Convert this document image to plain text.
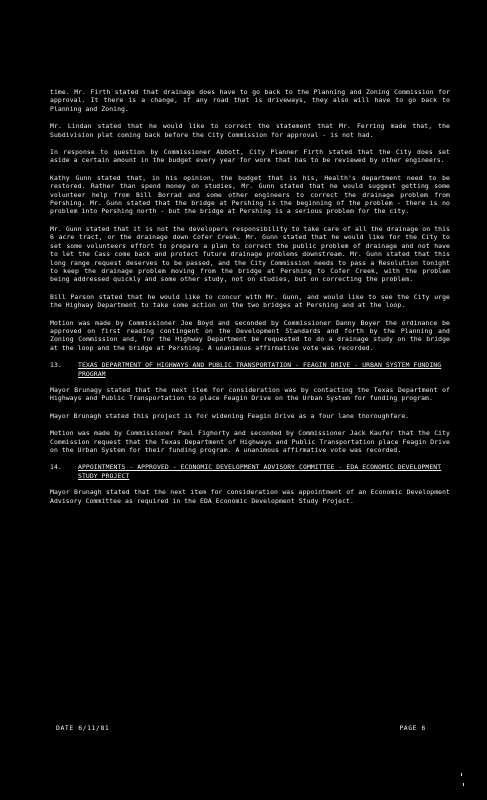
time. Mr. Firth stated that drainage does have to go back to the Planning and Zoning Commission for approval. It there is a change, if any road that is driveways, they also will have to go back to Planning and Zoning.

Mr. Lindan stated that he would like to correct the statement that Mr. Ferring made that, the Subdivision plat coming back before the City Commission for approval - is not had.

In response to question by Commissioner Abbott, City Planner Firth stated that the City does set aside a certain amount in the budget every year for work that has to be reviewed by other engineers.

Kathy Gunn stated that, in his opinion, the budget that is his, Health's department need to be restored. Rather than spend money on studies, Mr. Gunn stated that he would suggest getting some volunteer help from Bill Borrad and some other engineers to correct the drainage problem from Pershing. Mr. Gunn stated that the bridge at Pershing is the beginning of the problem - there is no problem into Pershing north - but the bridge at Pershing is a serious problem for the city.

Mr. Gunn stated that it is not the developers responsibility to take care of all the drainage on this 6 acre tract, or the drainage down Cofer Creek. Mr. Gunn stated that he would like for the City to set some volunteers effort to prepare a plan to correct the public problem of drainage and not have to let the Cass come back and protect future drainage problems downstream. Mr. Gunn stated that this long range request deserves to be passed, and the City Commission needs to pass a Resolution tonight to keep the drainage problem moving from the bridge at Pershing to Cofer Creek, with the problem being addressed quickly and some other study, not on studies, but on correcting the problem.

Bill Parson stated that he would like to concur with Mr. Gunn, and would like to see the City urge the Highway Department to take some action on the two bridges at Pershing and at the loop.

Motion was made by Commissioner Joe Boyd and seconded by Commissioner Danny Boyer the ordinance be approved on first reading contingent on the Development Standards and forth by the Planning and Zoning Commission and, for the Highway Department be requested to do a drainage study on the bridge at the loop and the bridge at Pershing. A unanimous affirmative vote was recorded.

13.	TEXAS DEPARTMENT OF HIGHWAYS AND PUBLIC TRANSPORTATION - FEAGIN DRIVE - URBAN SYSTEM FUNDING PROGRAM

Mayor Brunagy stated that the next item for consideration was by contacting the Texas Department of Highways and Public Transportation to place Feagin Drive on the Urban System for funding program.

Mayor Brunagh stated this project is for widening Feagin Drive as a four lane thoroughfare.

Motion was made by Commissioner Paul Fighorty and seconded by Commissioner Jack Kaufer that the City Commission request that the Texas Department of Highways and Public Transportation place Feagin Drive on the Urban System for their funding program. A unanimous affirmative vote was recorded.

14.	APPOINTMENTS - APPROVED - ECONOMIC DEVELOPMENT ADVISORY COMMITTEE - EDA ECONOMIC DEVELOPMENT STUDY PROJECT

Mayor Brunagh stated that the next item for consideration was appointment of an Economic Development Advisory Committee as required in the EDA Economic Development Study Project.

DATE 6/11/81	PAGE 6
